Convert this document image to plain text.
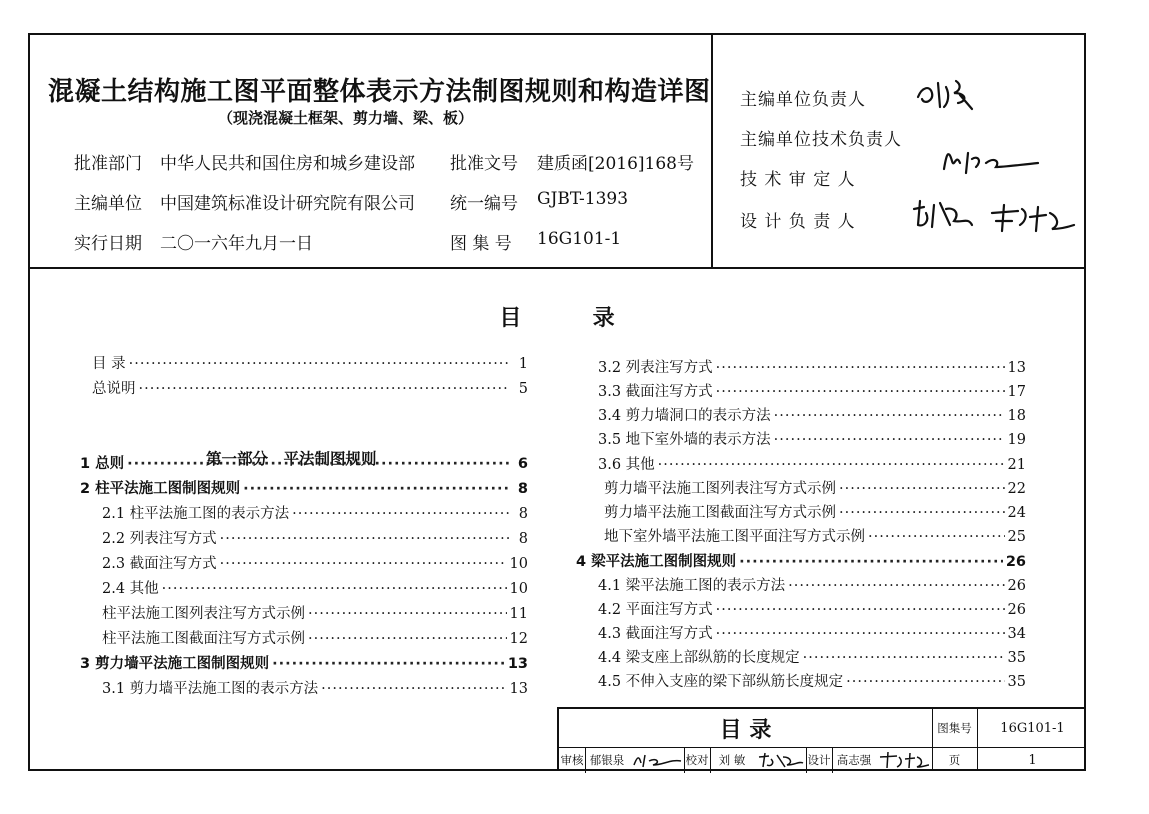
混凝土结构施工图平面整体表示方法制图规则和构造详图
（现浇混凝土框架、剪力墙、梁、板）
批准部门 中华人民共和国住房和城乡建设部 批准文号 建质函[2016]168号
主编单位 中国建筑标准设计研究院有限公司 统一编号 GJBT-1393
实行日期 二〇一六年九月一日	图 集 号 16G101-1
主编单位负责人
主编单位技术负责人
技 术 审 定 人
设 计 负 责 人
目	录
第一部分　平法制图规则
目 录 ·····	1
总说明 ·····	5
1 总则 ·····	6
2 柱平法施工图制图规则 ·····	8
2.1 柱平法施工图的表示方法 ·····	8
2.2 列表注写方式 ·····	8
2.3 截面注写方式 ·····	10
2.4 其他 ·····	10
柱平法施工图列表注写方式示例 ·····	11
柱平法施工图截面注写方式示例 ·····	12
3 剪力墙平法施工图制图规则 ·····	13
3.1 剪力墙平法施工图的表示方法 ·····	13
3.2 列表注写方式 ·····	13
3.3 截面注写方式 ·····	17
3.4 剪力墙洞口的表示方法 ·····	18
3.5 地下室外墙的表示方法 ·····	19
3.6 其他 ·····	21
剪力墙平法施工图列表注写方式示例 ·····	22
剪力墙平法施工图截面注写方式示例 ·····	24
地下室外墙平法施工图平面注写方式示例 ·····	25
4 梁平法施工图制图规则 ·····	26
4.1 梁平法施工图的表示方法 ·····	26
4.2 平面注写方式 ·····	26
4.3 截面注写方式 ·····	34
4.4 梁支座上部纵筋的长度规定 ·····	35
4.5 不伸入支座的梁下部纵筋长度规定 ·····	35
目 录	图集号	16G101-1
审核 郁银泉	校对 刘 敏	设计 高志强	页	1
